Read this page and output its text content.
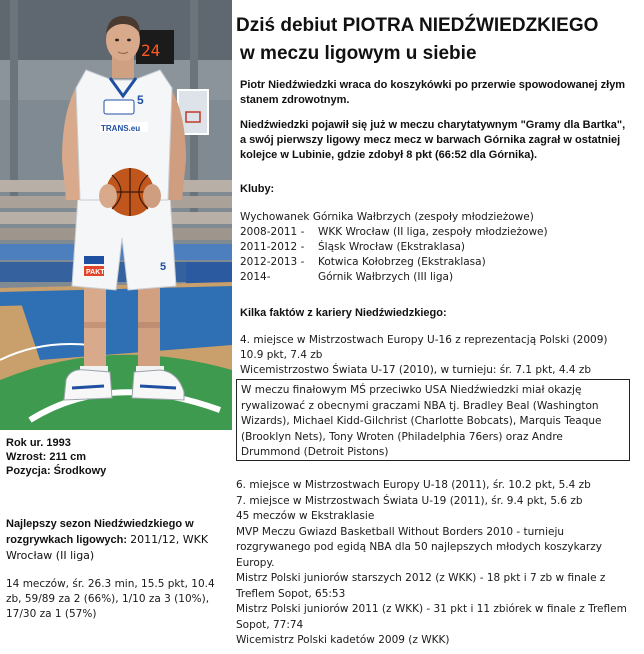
24
PAKT	5
TRANS.eu
5
Dziś debiut PIOTRA NIEDŹWIEDZKIEGO
w meczu ligowym u siebie

Piotr Niedźwiedzki wraca do koszykówki po przerwie spowodowanej złym stanem zdrowotnym.

Niedźwiedzki pojawił się już w meczu charytatywnym "Gramy dla Bartka", a swój pierwszy ligowy mecz mecz w barwach Górnika zagrał w ostatniej kolejce w Lubinie, gdzie zdobył 8 pkt (66:52 dla Górnika).

Kluby:

Wychowanek Górnika Wałbrzych (zespoły młodzieżowe)
2008-2011 - WKK Wrocław (II liga, zespoły młodzieżowe)
2011-2012 - Śląsk Wrocław (Ekstraklasa)
2012-2013 - Kotwica Kołobrzeg (Ekstraklasa)
2014-	Górnik Wałbrzych (III liga)

Kilka faktów z kariery Niedźwiedzkiego:

4. miejsce w Mistrzostwach Europy U-16 z reprezentacją Polski (2009)
10.9 pkt, 7.4 zb
Wicemistrzostwo Świata U-17 (2010), w turnieju: śr. 7.1 pkt, 4.4 zb
W meczu finałowym MŚ przeciwko USA Niedźwiedzki miał okazję rywalizować z obecnymi graczami NBA tj. Bradley Beal (Washington Wizards), Michael Kidd-Gilchrist (Charlotte Bobcats), Marquis Teaque (Brooklyn Nets), Tony Wroten (Philadelphia 76ers) oraz Andre Drummond (Detroit Pistons)
6. miejsce w Mistrzostwach Europy U-18 (2011), śr. 10.2 pkt, 5.4 zb
7. miejsce w Mistrzostwach Świata U-19 (2011), śr. 9.4 pkt, 5.6 zb
45 meczów w Ekstraklasie
MVP Meczu Gwiazd Basketball Without Borders 2010 - turnieju rozgrywanego pod egidą NBA dla 50 najlepszych młodych koszykarzy Europy.
Mistrz Polski juniorów starszych 2012 (z WKK) - 18 pkt i 7 zb w finale z Treflem Sopot, 65:53
Mistrz Polski juniorów 2011 (z WKK) - 31 pkt i 11 zbiórek w finale z Treflem Sopot, 77:74
Wicemistrz Polski kadetów 2009 (z WKK)
Rok ur. 1993
Wzrost: 211 cm
Pozycja: Środkowy

Najlepszy sezon Niedźwiedzkiego w rozgrywkach ligowych: 2011/12, WKK Wrocław (II liga)

14 meczów, śr. 26.3 min, 15.5 pkt, 10.4 zb, 59/89 za 2 (66%), 1/10 za 3 (10%), 17/30 za 1 (57%)
